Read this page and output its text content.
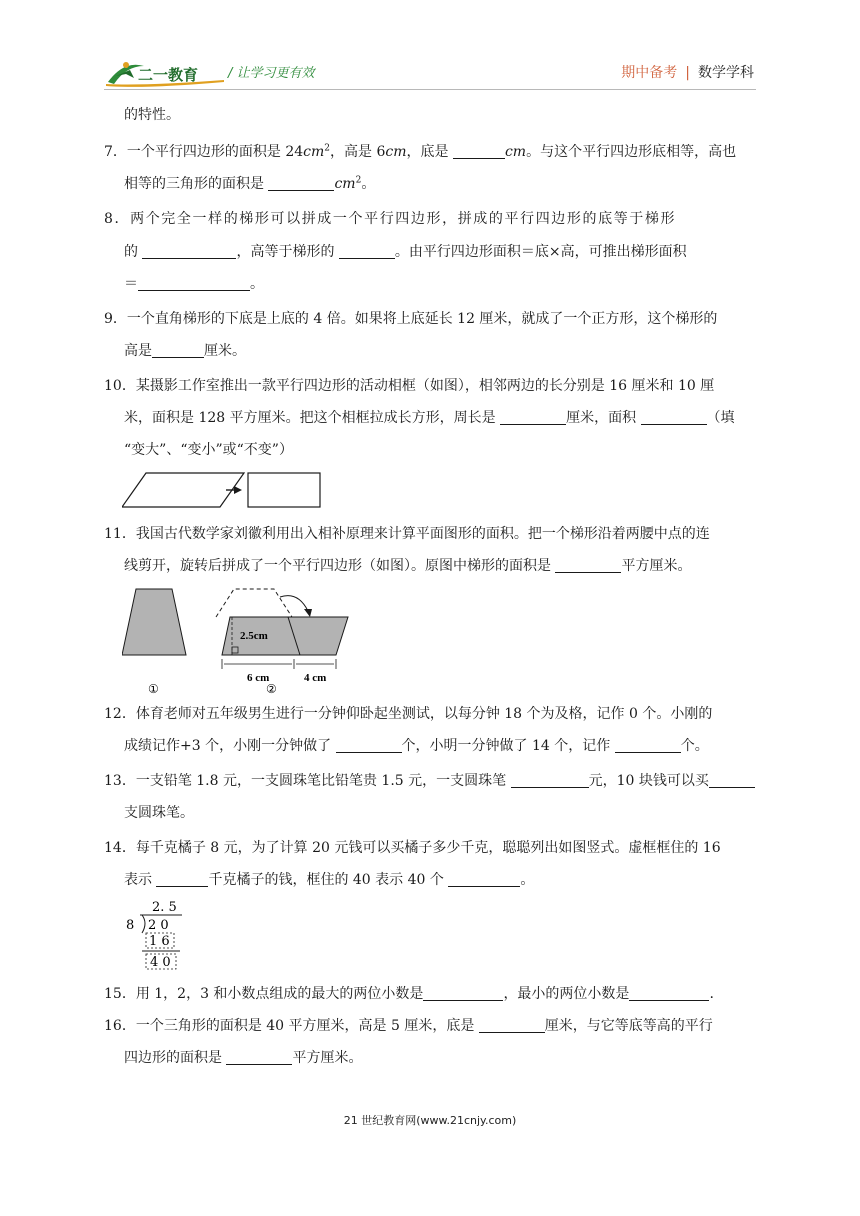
二一教育 / 让学习更有效	期中备考 | 数学学科

的特性。

7．一个平行四边形的面积是 $24cm^2$，高是 6cm，底是	cm。与这个平行四边形底相等，高也

相等的三角形的面积是	$cm^2$。

8．两个完全一样的梯形可以拼成一个平行四边形，拼成的平行四边形的底等于梯形

的	，高等于梯形的	。由平行四边形面积＝底×高，可推出梯形面积

＝	。

9．一个直角梯形的下底是上底的 4 倍。如果将上底延长 12 厘米，就成了一个正方形，这个梯形的

高是	厘米。

10．某摄影工作室推出一款平行四边形的活动相框（如图），相邻两边的长分别是 16 厘米和 10 厘

米，面积是 128 平方厘米。把这个相框拉成长方形，周长是	厘米，面积	（填

“变大”、“变小”或“不变”）

11．我国古代数学家刘徽利用出入相补原理来计算平面图形的面积。把一个梯形沿着两腰中点的连

线剪开，旋转后拼成了一个平行四边形（如图）。原图中梯形的面积是	平方厘米。

2.5cm
6 cm	4 cm
①	②

12．体育老师对五年级男生进行一分钟仰卧起坐测试，以每分钟 18 个为及格，记作 0 个。小刚的

成绩记作+3 个，小刚一分钟做了	个，小明一分钟做了 14 个，记作	个。

13．一支铅笔 1.8 元，一支圆珠笔比铅笔贵 1.5 元，一支圆珠笔	元，10 块钱可以买

支圆珠笔。

14．每千克橘子 8 元，为了计算 20 元钱可以买橘子多少千克，聪聪列出如图竖式。虚框框住的 16

表示	千克橘子的钱，框住的 40 表示 40 个	。

2. 5
8 2 0
1 6
4 0

15．用 1，2，3 和小数点组成的最大的两位小数是	，最小的两位小数是	.

16．一个三角形的面积是 40 平方厘米，高是 5 厘米，底是	厘米，与它等底等高的平行

四边形的面积是	平方厘米。

21 世纪教育网(www.21cnjy.com)
